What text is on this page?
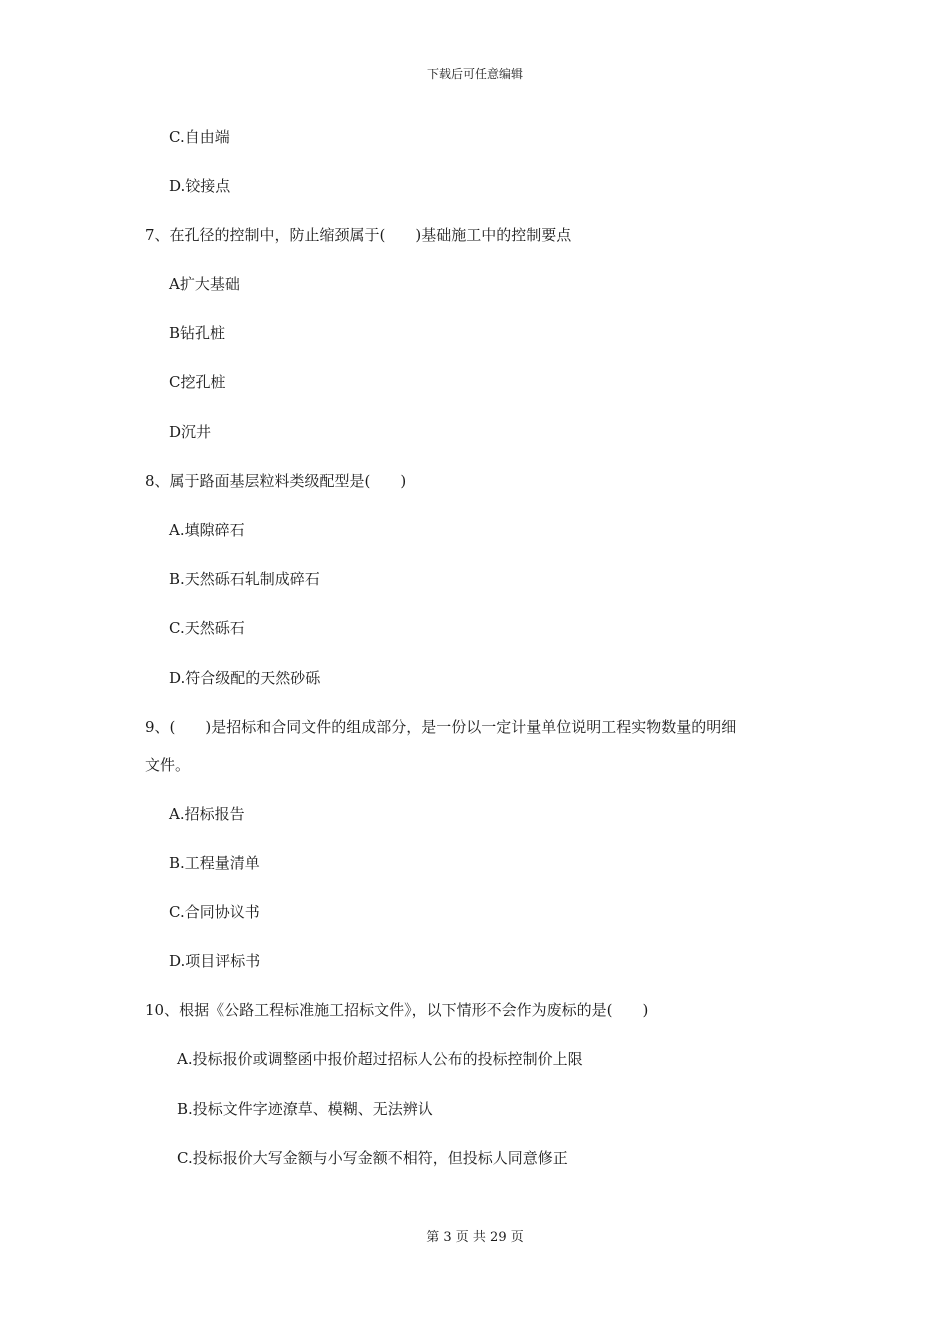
下载后可任意编辑
C.自由端
D.铰接点
7、在孔径的控制中，防止缩颈属于(　　)基础施工中的控制要点
A扩大基础
B钻孔桩
C挖孔桩
D沉井
8、属于路面基层粒料类级配型是(　　)
A.填隙碎石
B.天然砾石轧制成碎石
C.天然砾石
D.符合级配的天然砂砾
9、(　　)是招标和合同文件的组成部分，是一份以一定计量单位说明工程实物数量的明细
文件。
A.招标报告
B.工程量清单
C.合同协议书
D.项目评标书
10、根据《公路工程标准施工招标文件》，以下情形不会作为废标的是(　　)
A.投标报价或调整函中报价超过招标人公布的投标控制价上限
B.投标文件字迹潦草、模糊、无法辨认
C.投标报价大写金额与小写金额不相符，但投标人同意修正
第 3 页 共 29 页
